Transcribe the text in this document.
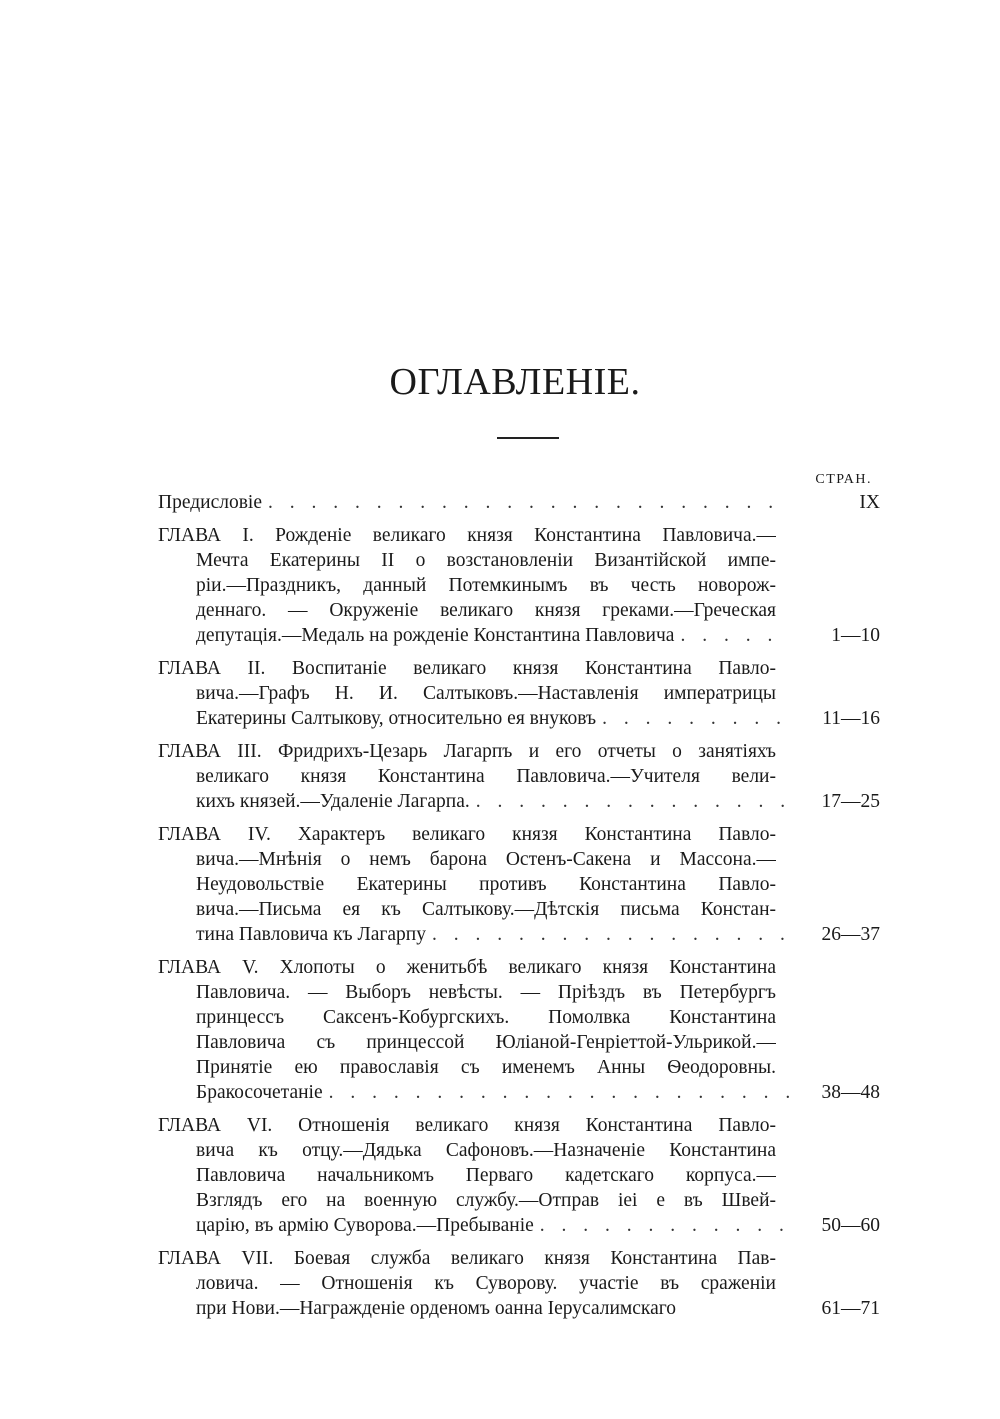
ОГЛАВЛЕНІЕ.
СТРАН.
Предисловіе . . .	IX
ГЛАВА I. Рожденіе великаго князя Константина Павловича.—
Мечта Екатерины II о возстановленіи Византійской импе-
ріи.—Праздникъ, данный Потемкинымъ въ честь новорож-
деннаго. — Окруженіе великаго князя греками.—Греческая
депутація.—Медаль на рожденіе Константина Павловича . . .	1—10
ГЛАВА II. Воспитаніе великаго князя Константина Павло-
вича.—Графъ Н. И. Салтыковъ.—Наставленія императрицы
Екатерины Салтыкову, относительно ея внуковъ . . .	11—16
ГЛАВА III. Фридрихъ-Цезарь Лагарпъ и его отчеты о занятіяхъ
великаго князя Константина Павловича.—Учителя вели-
кихъ князей.—Удаленіе Лагарпа. . . .	17—25
ГЛАВА IV. Характеръ великаго князя Константина Павло-
вича.—Мнѣнія о немъ барона Остенъ-Сакена и Массона.—
Неудовольствіе Екатерины противъ Константина Павло-
вича.—Письма ея къ Салтыкову.—Дѣтскія письма Констан-
тина Павловича къ Лагарпу . . .	26—37
ГЛАВА V. Хлопоты о женитьбѣ великаго князя Константина
Павловича. — Выборъ невѣсты. — Пріѣздъ въ Петербургъ
принцессъ Саксенъ-Кобургскихъ. Помолвка Константина
Павловича съ принцессой Юліаной-Генріеттой-Ульрикой.—
Принятіе ею православія съ именемъ Анны Ѳеодоровны.
Бракосочетаніе . . .	38—48
ГЛАВА VI. Отношенія великаго князя Константина Павло-
вича къ отцу.—Дядька Сафоновъ.—Назначеніе Константина
Павловича начальникомъ Перваго кадетскаго корпуса.—
Взглядъ его на военную службу.—Отправ іеі е въ Швей-
царію, въ армію Суворова.—Пребываніе . . .	50—60
ГЛАВА VII. Боевая служба великаго князя Константина Пав-
ловича. — Отношенія къ Суворову. участіе въ сраженіи
при Нови.—Награжденіе орденомъ оанна Іерусалимскаго	61—71
